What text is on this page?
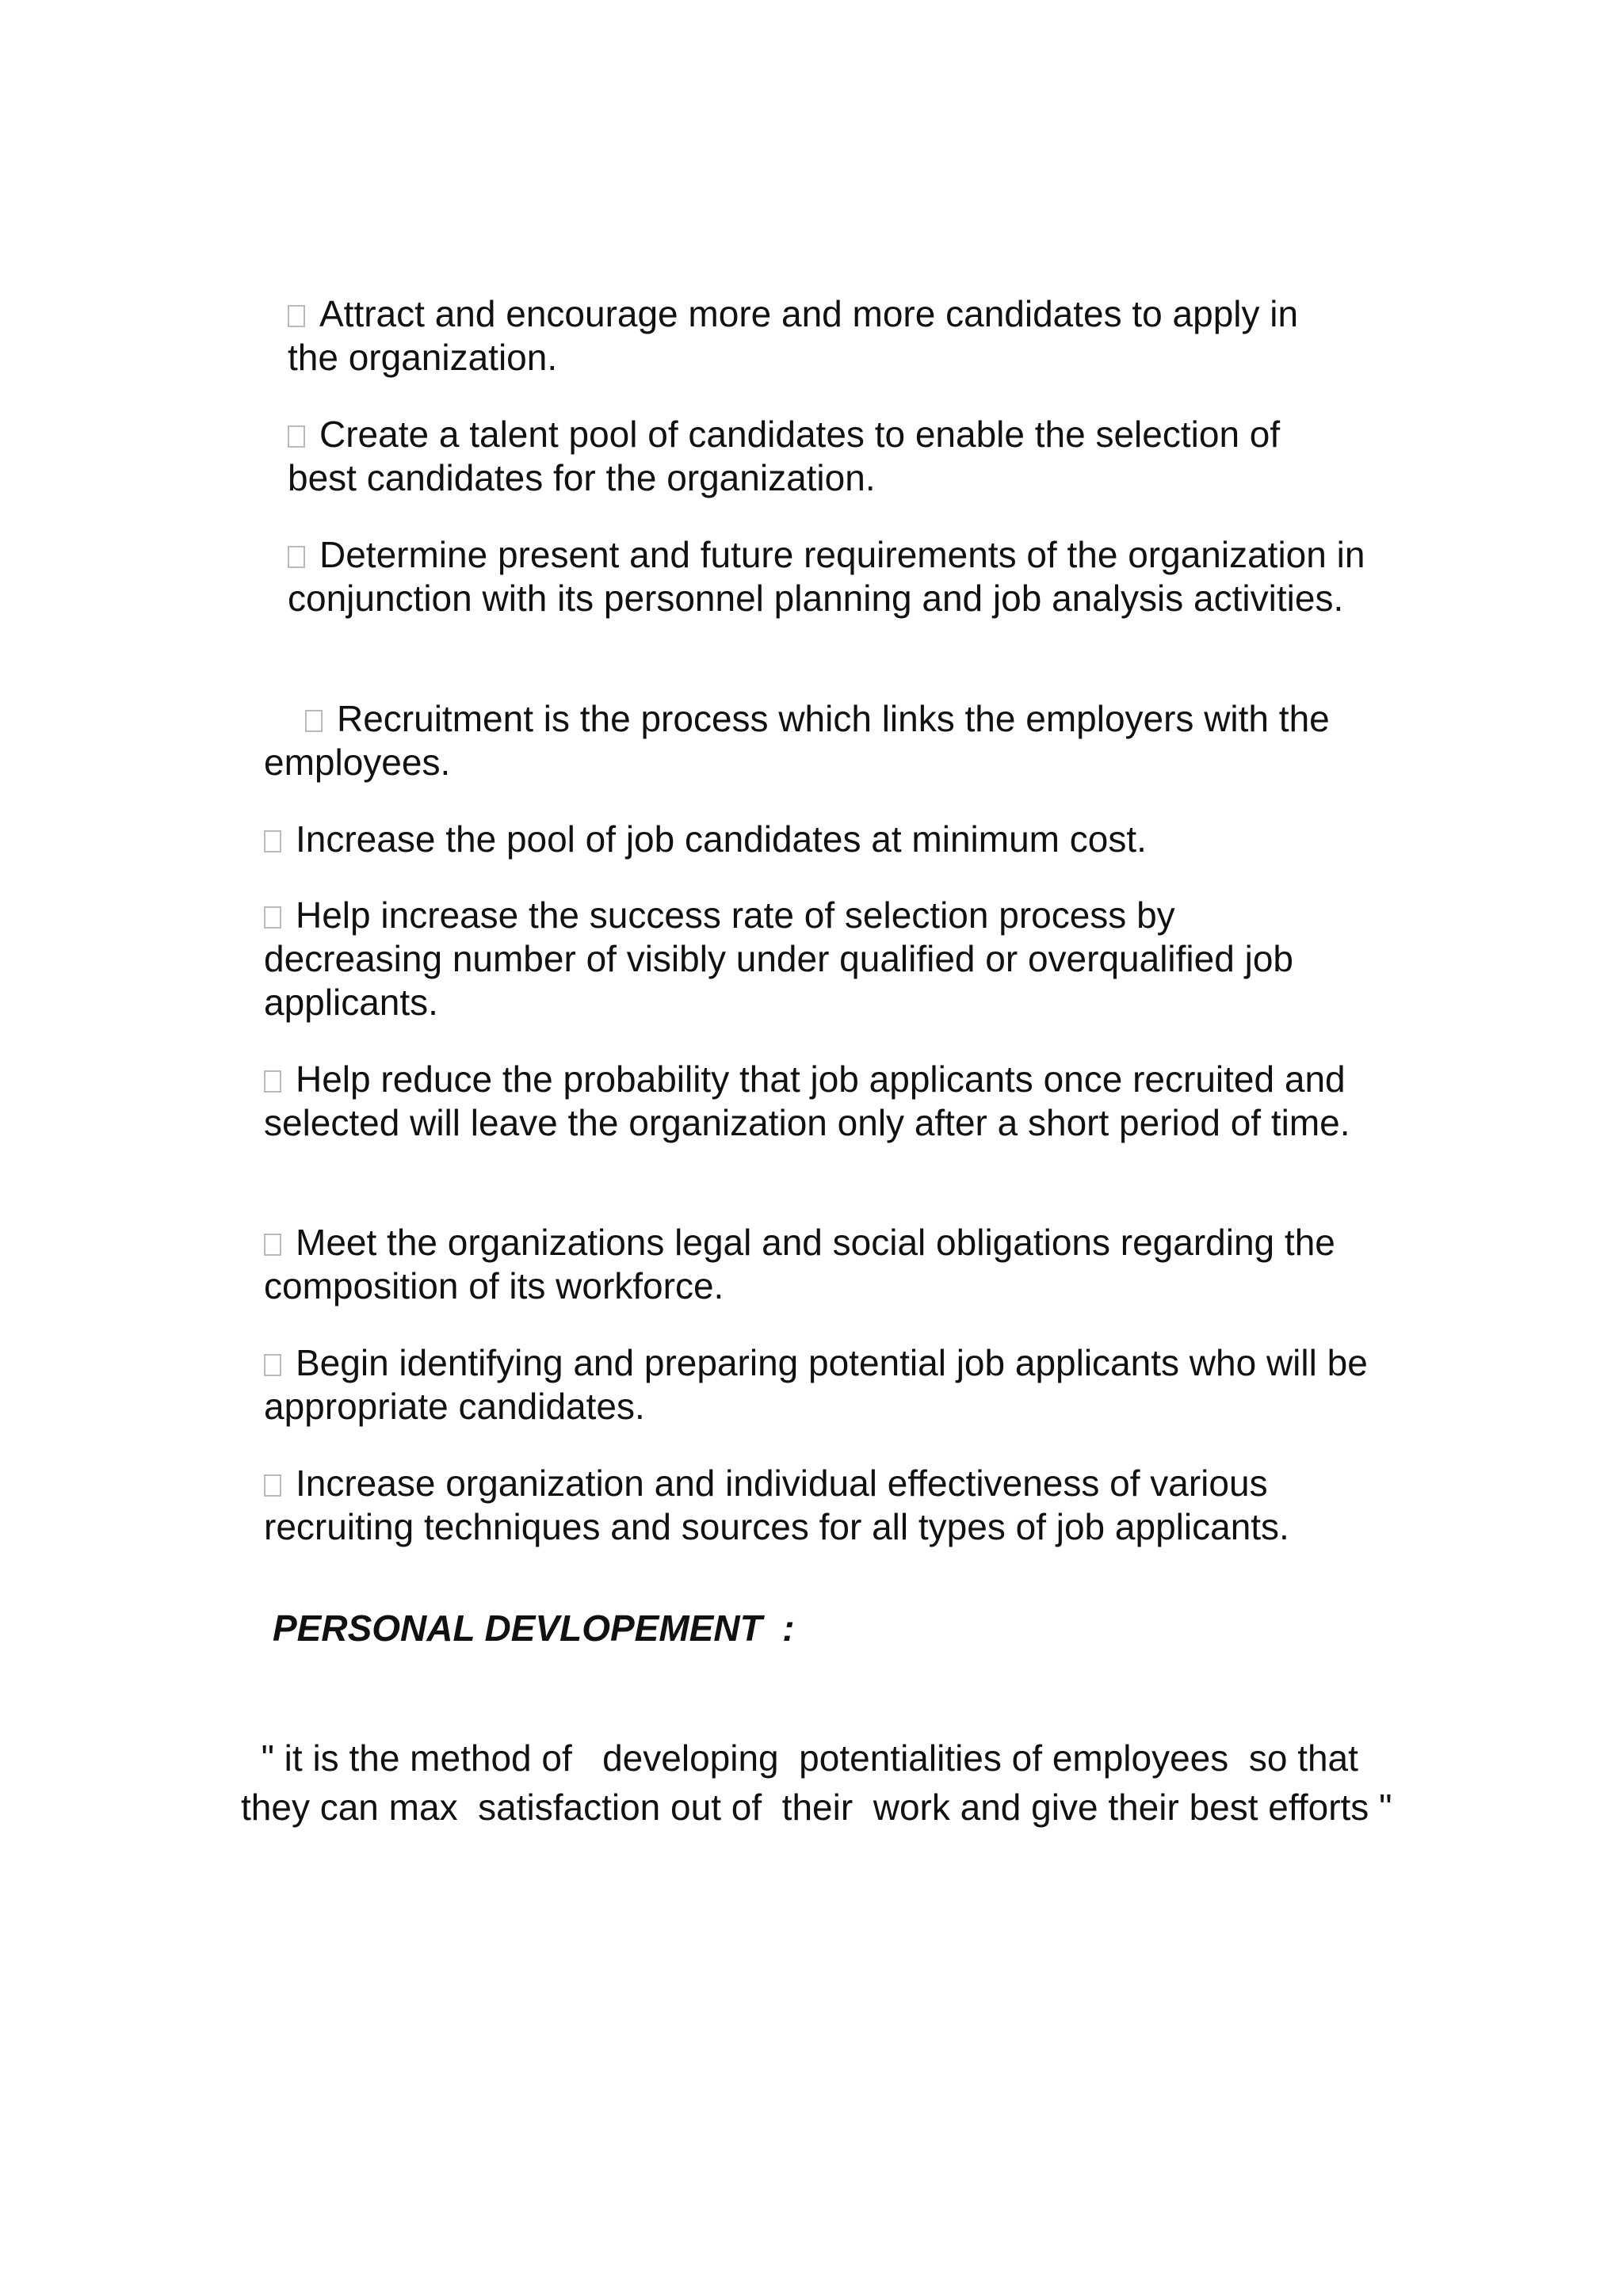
Attract and encourage more and more candidates to apply in the organization.

Create a talent pool of candidates to enable the selection of best candidates for the organization.

Determine present and future requirements of the organization in conjunction with its personnel planning and job analysis activities.

Recruitment is the process which links the employers with the employees.

Increase the pool of job candidates at minimum cost.

Help increase the success rate of selection process by decreasing number of visibly under qualified or overqualified job applicants.

Help reduce the probability that job applicants once recruited and selected will leave the organization only after a short period of time.

Meet the organizations legal and social obligations regarding the composition of its workforce.

Begin identifying and preparing potential job applicants who will be appropriate candidates.

Increase organization and individual effectiveness of various recruiting techniques and sources for all types of job applicants.

PERSONAL DEVLOPEMENT  :

" it is the method of   developing  potentialities of employees  so that they can max  satisfaction out of  their  work and give their best efforts "
